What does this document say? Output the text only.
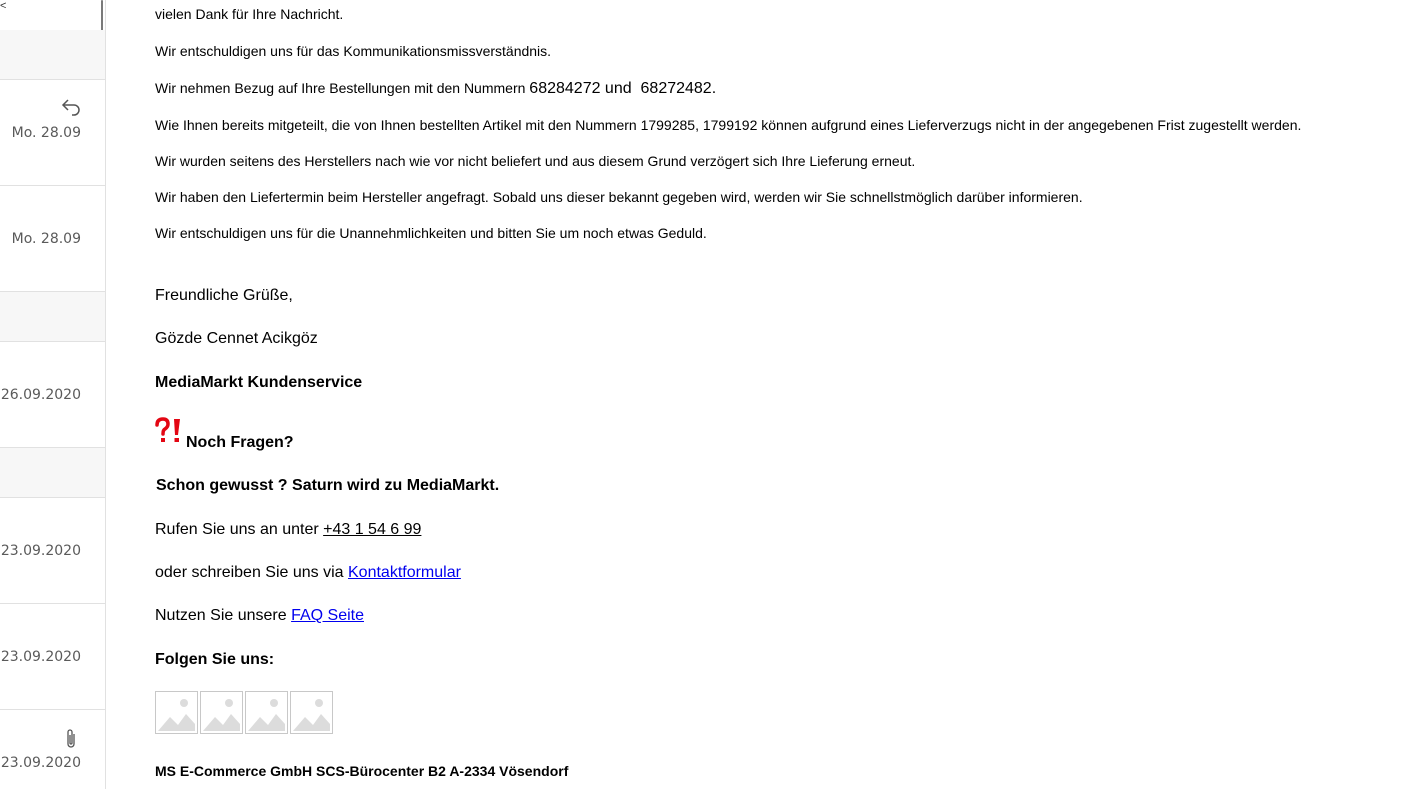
<
Mo. 28.09
Mo. 28.09
26.09.2020
23.09.2020
23.09.2020
23.09.2020
vielen Dank für Ihre Nachricht.
Wir entschuldigen uns für das Kommunikationsmissverständnis.
Wir nehmen Bezug auf Ihre Bestellungen mit den Nummern 68284272 und  68272482.
Wie Ihnen bereits mitgeteilt, die von Ihnen bestellten Artikel mit den Nummern 1799285, 1799192 können aufgrund eines Lieferverzugs nicht in der angegebenen Frist zugestellt werden.
Wir wurden seitens des Herstellers nach wie vor nicht beliefert und aus diesem Grund verzögert sich Ihre Lieferung erneut.
Wir haben den Liefertermin beim Hersteller angefragt. Sobald uns dieser bekannt gegeben wird, werden wir Sie schnellstmöglich darüber informieren.
Wir entschuldigen uns für die Unannehmlichkeiten und bitten Sie um noch etwas Geduld.
Freundliche Grüße,
Gözde Cennet Acikgöz
MediaMarkt Kundenservice
Noch Fragen?
Schon gewusst ? Saturn wird zu MediaMarkt.
Rufen Sie uns an unter +43 1 54 6 99
oder schreiben Sie uns via Kontaktformular
Nutzen Sie unsere FAQ Seite
Folgen Sie uns:
MS E-Commerce GmbH SCS-Bürocenter B2 A-2334 Vösendorf
